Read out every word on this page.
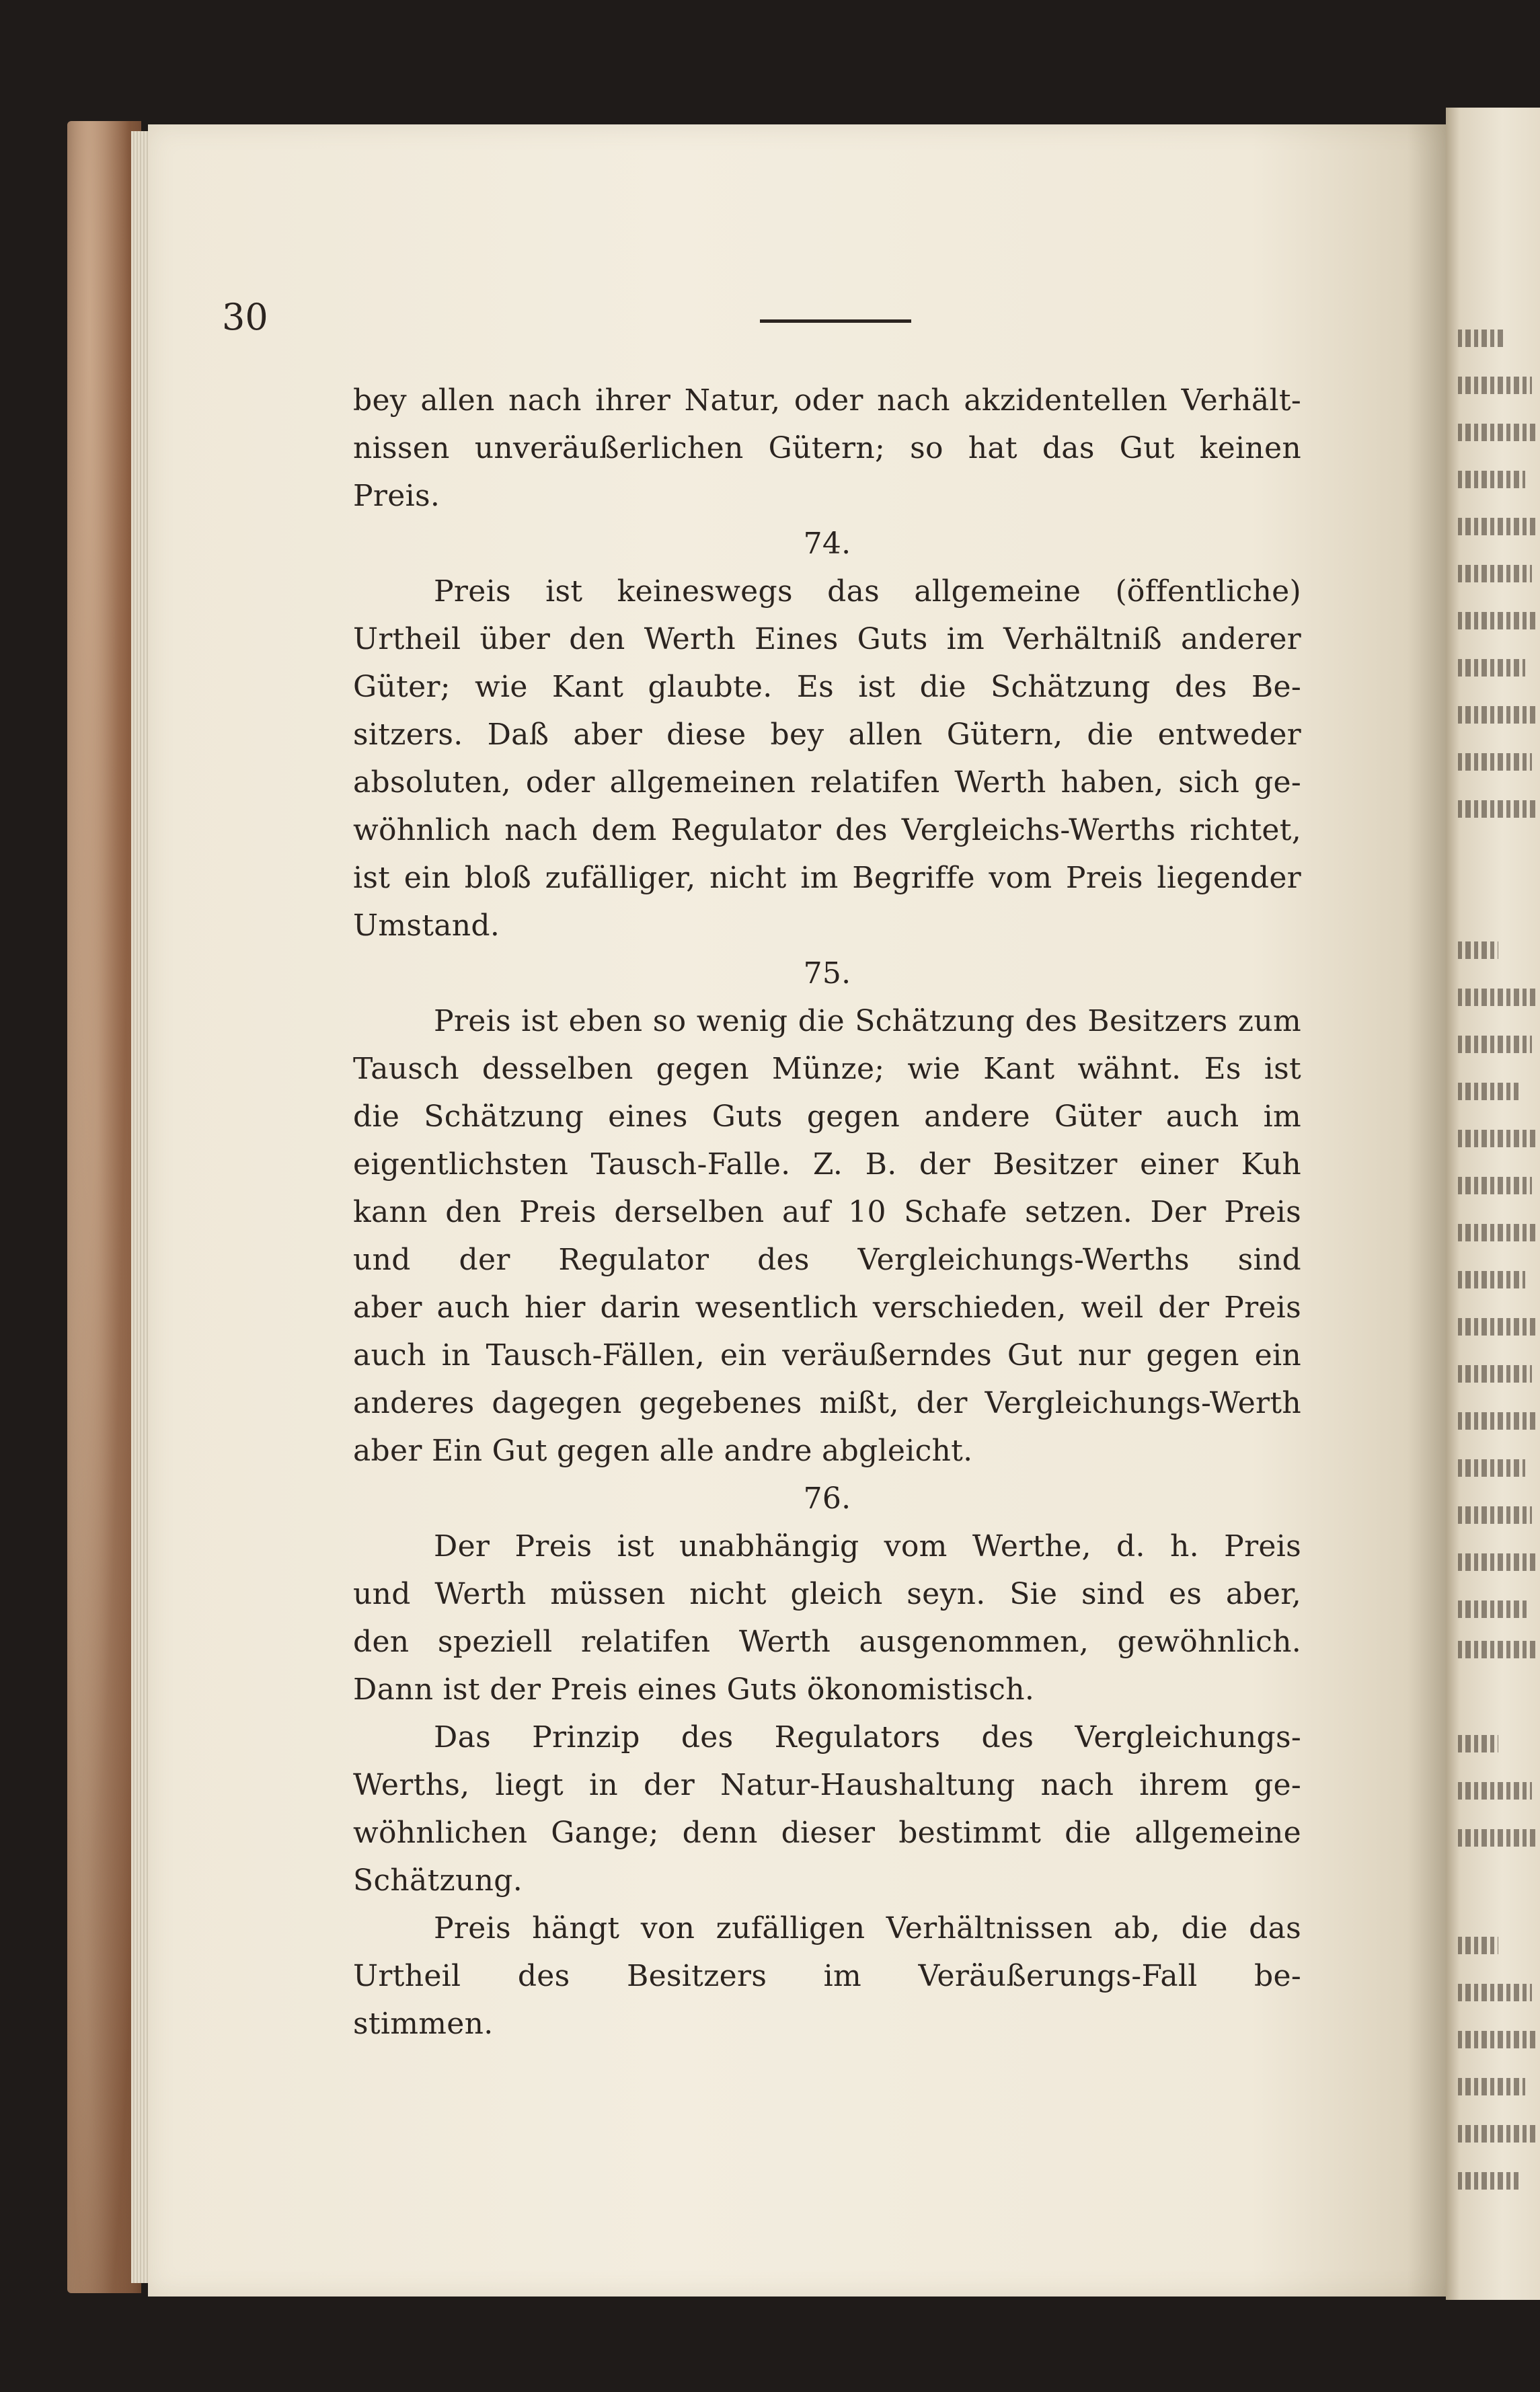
30
bey allen nach ihrer Natur, oder nach akzidentellen Verhält-
nissen unveräußerlichen Gütern; so hat das Gut keinen
Preis.
74.
Preis ist keineswegs das allgemeine (öffentliche)
Urtheil über den Werth Eines Guts im Verhältniß anderer
Güter; wie Kant glaubte. Es ist die Schätzung des Be-
sitzers. Daß aber diese bey allen Gütern, die entweder
absoluten, oder allgemeinen relatifen Werth haben, sich ge-
wöhnlich nach dem Regulator des Vergleichs-Werths richtet,
ist ein bloß zufälliger, nicht im Begriffe vom Preis liegender
Umstand.
75.
Preis ist eben so wenig die Schätzung des Besitzers zum
Tausch desselben gegen Münze; wie Kant wähnt. Es ist
die Schätzung eines Guts gegen andere Güter auch im
eigentlichsten Tausch-Falle. Z. B. der Besitzer einer Kuh
kann den Preis derselben auf 10 Schafe setzen. Der Preis
und der Regulator des Vergleichungs-Werths sind
aber auch hier darin wesentlich verschieden, weil der Preis
auch in Tausch-Fällen, ein veräußerndes Gut nur gegen ein
anderes dagegen gegebenes mißt, der Vergleichungs-Werth
aber Ein Gut gegen alle andre abgleicht.
76.
Der Preis ist unabhängig vom Werthe, d. h. Preis
und Werth müssen nicht gleich seyn. Sie sind es aber,
den speziell relatifen Werth ausgenommen, gewöhnlich.
Dann ist der Preis eines Guts ökonomistisch.
Das Prinzip des Regulators des Vergleichungs-
Werths, liegt in der Natur-Haushaltung nach ihrem ge-
wöhnlichen Gange; denn dieser bestimmt die allgemeine
Schätzung.
Preis hängt von zufälligen Verhältnissen ab, die das
Urtheil des Besitzers im Veräußerungs-Fall be-
stimmen.
